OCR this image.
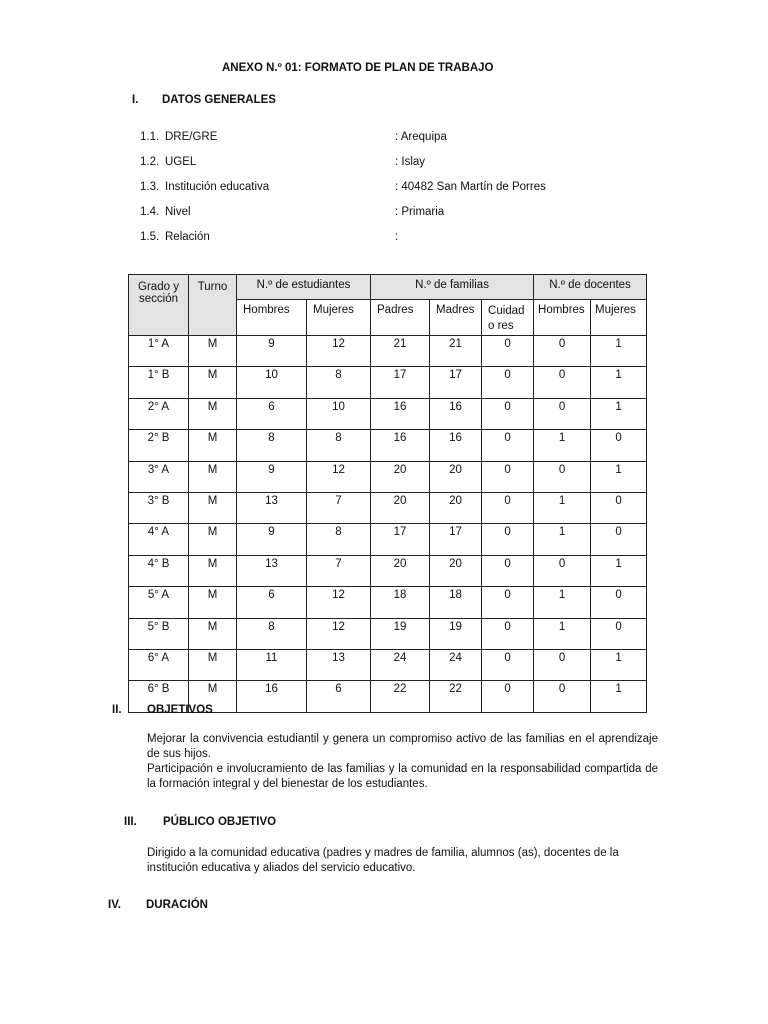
ANEXO N.º 01: FORMATO DE PLAN DE TRABAJO
I. DATOS GENERALES
1.1. DRE/GRE	: Arequipa
1.2. UGEL	: Islay
1.3. Institución educativa	: 40482 San Martín de Porres
1.4. Nivel	: Primaria
1.5. Relación	:
Grado y sección	Turno	N.º de estudiantes		N.º de familias			N.º de docentes	
		Hombres	Mujeres	Padres	Madres	Cuidad o res	Hombres	Mujeres
1° A	M	9	12	21	21	0	0	1
1° B	M	10	8	17	17	0	0	1
2° A	M	6	10	16	16	0	0	1
2° B	M	8	8	16	16	0	1	0
3° A	M	9	12	20	20	0	0	1
3° B	M	13	7	20	20	0	1	0
4° A	M	9	8	17	17	0	1	0
4° B	M	13	7	20	20	0	0	1
5° A	M	6	12	18	18	0	1	0
5° B	M	8	12	19	19	0	1	0
6° A	M	11	13	24	24	0	0	1
6° B	M	16	6	22	22	0	0	1
II. OBJETIVOS

Mejorar la convivencia estudiantil y genera un compromiso activo de las familias en el aprendizaje de sus hijos.

Participación e involucramiento de las familias y la comunidad en la responsabilidad compartida de la formación integral y del bienestar de los estudiantes.

III. PÚBLICO OBJETIVO

Dirigido a la comunidad educativa (padres y madres de familia, alumnos (as), docentes de la institución educativa y aliados del servicio educativo.

IV. DURACIÓN
